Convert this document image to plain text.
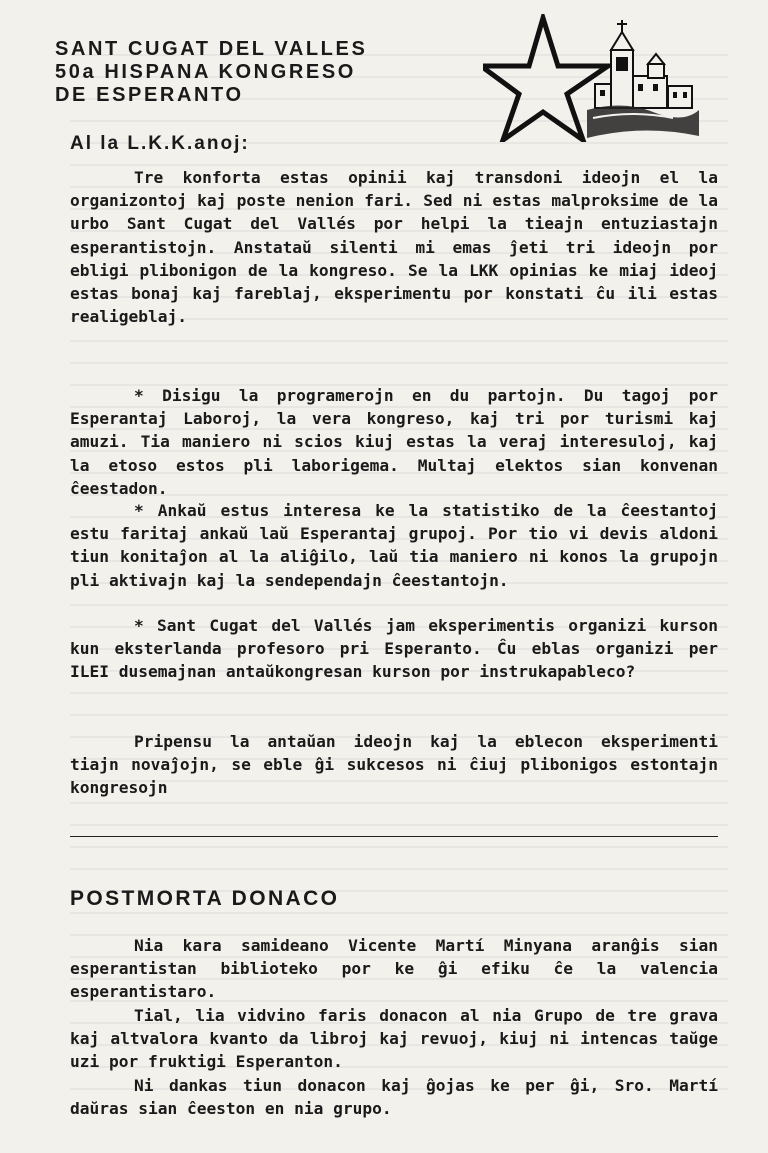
SANT CUGAT DEL VALLES
50a HISPANA KONGRESO
DE ESPERANTO
Al la L.K.K.anoj:

Tre konforta estas opinii kaj transdoni ideojn el la organizontoj kaj poste nenion fari. Sed ni estas malproksime de la urbo Sant Cugat del Vallés por helpi la tieajn entuziastajn esperantistojn. Anstataŭ silenti mi emas ĵeti tri ideojn por ebligi plibonigon de la kongreso. Se la LKK opinias ke miaj ideoj estas bonaj kaj fareblaj, eksperimentu por konstati ĉu ili estas realigeblaj.

* Disigu la programerojn en du partojn. Du tagoj por Esperantaj Laboroj, la vera kongreso, kaj tri por turismi kaj amuzi. Tia maniero ni scios kiuj estas la veraj interesuloj, kaj la etoso estos pli laborigema. Multaj elektos sian konvenan ĉeestadon.

* Ankaŭ estus interesa ke la statistiko de la ĉeestantoj estu faritaj ankaŭ laŭ Esperantaj grupoj. Por tio vi devis aldoni tiun konitaĵon al la aliĝilo, laŭ tia maniero ni konos la grupojn pli aktivajn kaj la sendependajn ĉeestantojn.

* Sant Cugat del Vallés jam eksperimentis organizi kurson kun eksterlanda profesoro pri Esperanto. Ĉu eblas organizi per ILEI dusemajnan antaŭkongresan kurson por instrukapableco?

Pripensu la antaŭan ideojn kaj la eblecon eksperimenti tiajn novaĵojn, se eble ĝi sukcesos ni ĉiuj plibonigos estontajn kongresojn

POSTMORTA DONACO

Nia kara samideano Vicente Martí Minyana aranĝis sian esperantistan biblioteko por ke ĝi efiku ĉe la valencia esperantistaro.

Tial, lia vidvino faris donacon al nia Grupo de tre grava kaj altvalora kvanto da libroj kaj revuoj, kiuj ni intencas taŭge uzi por fruktigi Esperanton.

Ni dankas tiun donacon kaj ĝojas ke per ĝi, Sro. Martí daŭras sian ĉeeston en nia grupo.
